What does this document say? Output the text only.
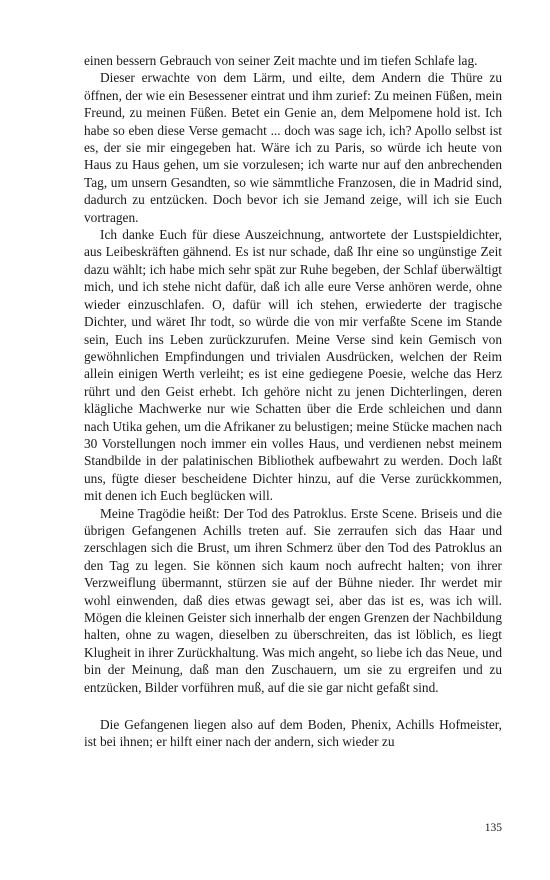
einen bessern Gebrauch von seiner Zeit machte und im tiefen Schlafe lag.

Dieser erwachte von dem Lärm, und eilte, dem Andern die Thüre zu öffnen, der wie ein Besessener eintrat und ihm zurief: Zu meinen Füßen, mein Freund, zu meinen Füßen. Betet ein Genie an, dem Melpomene hold ist. Ich habe so eben diese Verse gemacht ... doch was sage ich, ich? Apollo selbst ist es, der sie mir eingegeben hat. Wäre ich zu Paris, so würde ich heute von Haus zu Haus gehen, um sie vorzulesen; ich warte nur auf den anbrechenden Tag, um unsern Gesandten, so wie sämmtliche Franzosen, die in Madrid sind, dadurch zu entzücken. Doch bevor ich sie Jemand zeige, will ich sie Euch vortragen.

Ich danke Euch für diese Auszeichnung, antwortete der Lustspieldichter, aus Leibeskräften gähnend. Es ist nur schade, daß Ihr eine so ungünstige Zeit dazu wählt; ich habe mich sehr spät zur Ruhe begeben, der Schlaf überwältigt mich, und ich stehe nicht dafür, daß ich alle eure Verse anhören werde, ohne wieder einzuschlafen. O, dafür will ich stehen, erwiederte der tragische Dichter, und wäret Ihr todt, so würde die von mir verfaßte Scene im Stande sein, Euch ins Leben zurückzurufen. Meine Verse sind kein Gemisch von gewöhnlichen Empfindungen und trivialen Ausdrücken, welchen der Reim allein einigen Werth verleiht; es ist eine gediegene Poesie, welche das Herz rührt und den Geist erhebt. Ich gehöre nicht zu jenen Dichterlingen, deren klägliche Machwerke nur wie Schatten über die Erde schleichen und dann nach Utika gehen, um die Afrikaner zu belustigen; meine Stücke machen nach 30 Vorstellungen noch immer ein volles Haus, und verdienen nebst meinem Standbilde in der palatinischen Bibliothek aufbewahrt zu werden. Doch laßt uns, fügte dieser bescheidene Dichter hinzu, auf die Verse zurückkommen, mit denen ich Euch beglücken will.

Meine Tragödie heißt: Der Tod des Patroklus. Erste Scene. Briseis und die übrigen Gefangenen Achills treten auf. Sie zerraufen sich das Haar und zerschlagen sich die Brust, um ihren Schmerz über den Tod des Patroklus an den Tag zu legen. Sie können sich kaum noch aufrecht halten; von ihrer Verzweiflung übermannt, stürzen sie auf der Bühne nieder. Ihr werdet mir wohl einwenden, daß dies etwas gewagt sei, aber das ist es, was ich will. Mögen die kleinen Geister sich innerhalb der engen Grenzen der Nachbildung halten, ohne zu wagen, dieselben zu überschreiten, das ist löblich, es liegt Klugheit in ihrer Zurückhaltung. Was mich angeht, so liebe ich das Neue, und bin der Meinung, daß man den Zuschauern, um sie zu ergreifen und zu entzücken, Bilder vorführen muß, auf die sie gar nicht gefaßt sind.

Die Gefangenen liegen also auf dem Boden, Phenix, Achills Hofmeister, ist bei ihnen; er hilft einer nach der andern, sich wieder zu

135
